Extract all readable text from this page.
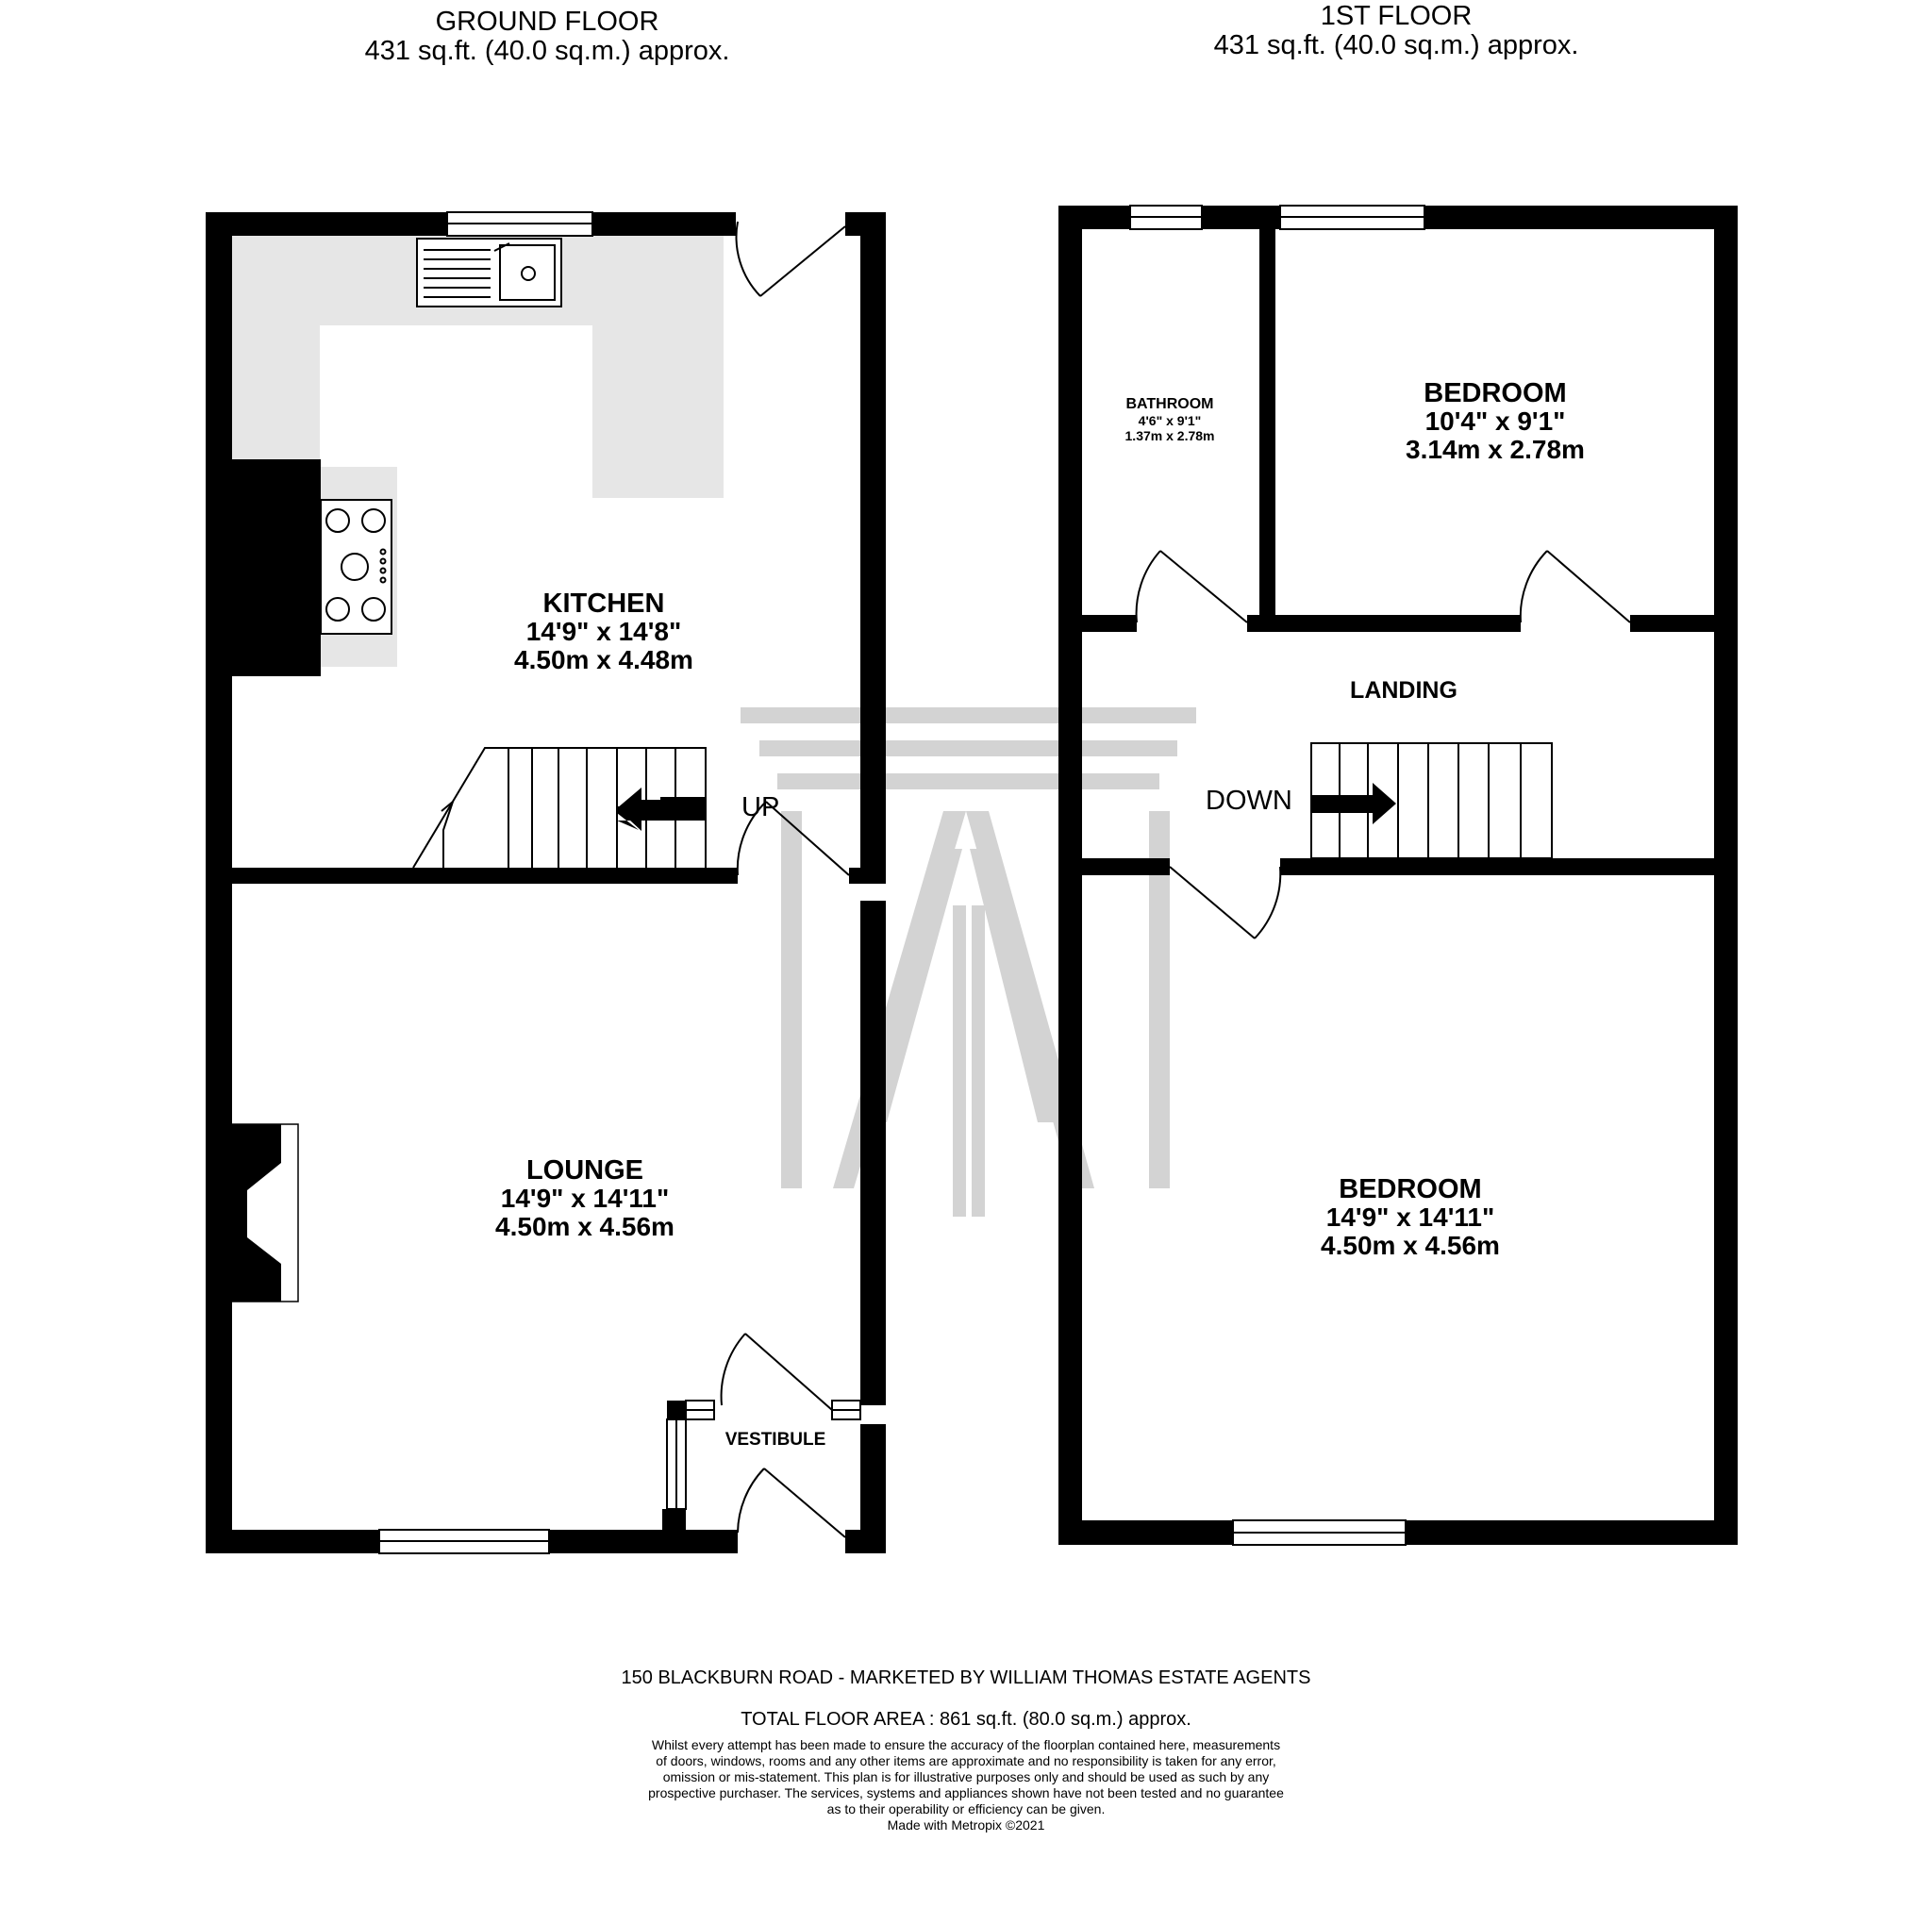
GROUND FLOOR
431 sq.ft. (40.0 sq.m.) approx.
1ST FLOOR
431 sq.ft. (40.0 sq.m.) approx.
KITCHEN
14'9" x 14'8"
4.50m x 4.48m
LOUNGE
14'9" x 14'11"
4.50m x 4.56m
VESTIBULE
UP
BATHROOM
4'6" x 9'1"
1.37m x 2.78m
BEDROOM
10'4" x 9'1"
3.14m x 2.78m
LANDING
DOWN
BEDROOM
14'9" x 14'11"
4.50m x 4.56m
150 BLACKBURN ROAD - MARKETED BY WILLIAM THOMAS ESTATE AGENTS
TOTAL FLOOR AREA : 861 sq.ft. (80.0 sq.m.) approx.
Whilst every attempt has been made to ensure the accuracy of the floorplan contained here, measurements
of doors, windows, rooms and any other items are approximate and no responsibility is taken for any error,
omission or mis-statement. This plan is for illustrative purposes only and should be used as such by any
prospective purchaser. The services, systems and appliances shown have not been tested and no guarantee
as to their operability or efficiency can be given.
Made with Metropix ©2021
